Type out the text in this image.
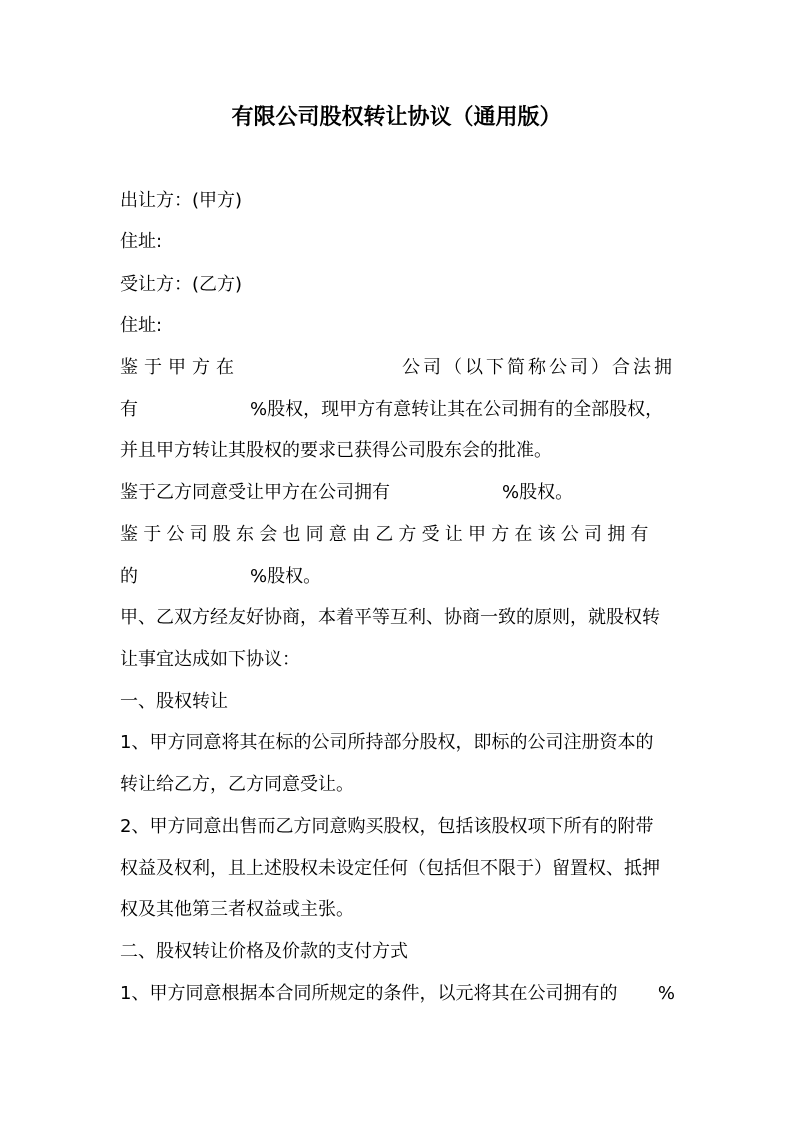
有限公司股权转让协议（通用版）
出让方：(甲方)
住址:
受让方：(乙方)
住址:
鉴于甲方在	公司（以下简称公司）合法拥
有	%股权，现甲方有意转让其在公司拥有的全部股权，
并且甲方转让其股权的要求已获得公司股东会的批准。
鉴于乙方同意受让甲方在公司拥有	%股权。
鉴于公司股东会也同意由乙方受让甲方在该公司拥有
的	%股权。
甲、乙双方经友好协商，本着平等互利、协商一致的原则，就股权转
让事宜达成如下协议：
一、股权转让
1、甲方同意将其在标的公司所持部分股权，即标的公司注册资本的
转让给乙方，乙方同意受让。
2、甲方同意出售而乙方同意购买股权，包括该股权项下所有的附带
权益及权利，且上述股权未设定任何（包括但不限于）留置权、抵押
权及其他第三者权益或主张。
二、股权转让价格及价款的支付方式
1、甲方同意根据本合同所规定的条件，以元将其在公司拥有的 %
